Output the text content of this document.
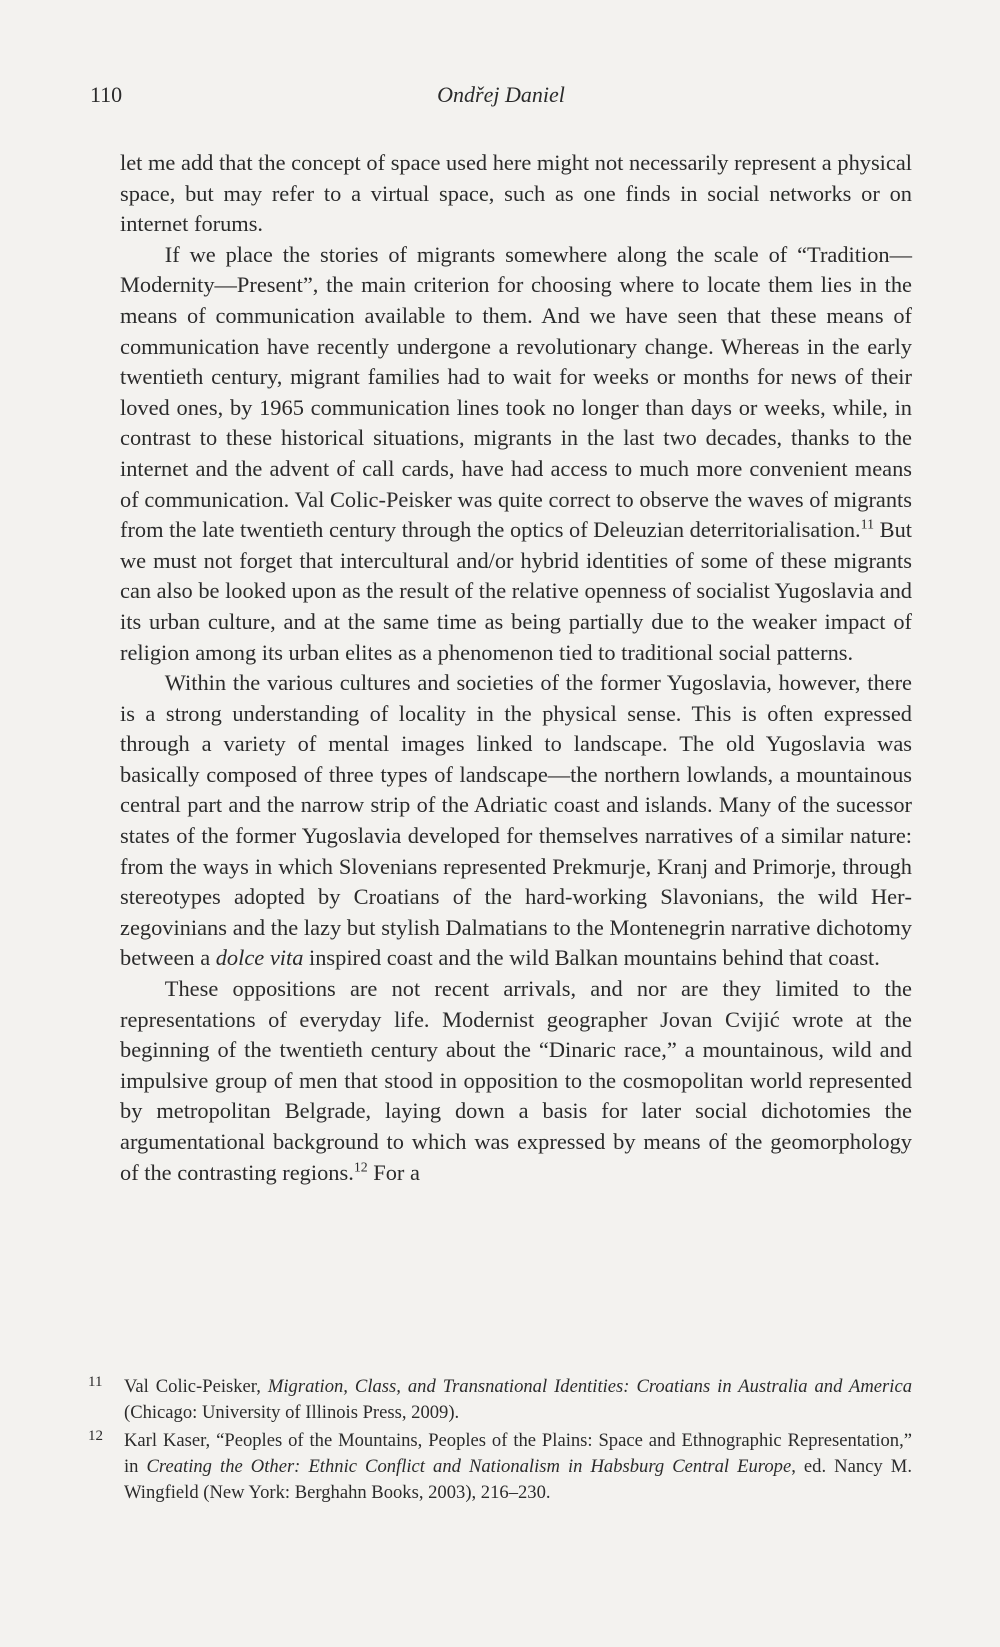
110	Ondřej Daniel

let me add that the concept of space used here might not necessarily represent a physical space, but may refer to a virtual space, such as one finds in social networks or on internet forums.

If we place the stories of migrants somewhere along the scale of “Tradition—Modernity—Present”, the main criterion for choosing where to locate them lies in the means of communication available to them. And we have seen that these means of communication have recently undergone a revolutionary change. Whereas in the early twentieth century, migrant families had to wait for weeks or months for news of their loved ones, by 1965 communication lines took no longer than days or weeks, while, in contrast to these historical situations, migrants in the last two decades, thanks to the internet and the advent of call cards, have had access to much more convenient means of communication. Val Colic-Peisker was quite correct to observe the waves of migrants from the late twentieth century through the optics of Deleuzian deterritorialisation.$^{11}$ But we must not forget that intercultural and/or hybrid identities of some of these migrants can also be looked upon as the result of the relative openness of socialist Yugoslavia and its urban culture, and at the same time as being partially due to the weaker impact of religion among its urban elites as a phenomenon tied to traditional social patterns.

Within the various cultures and societies of the former Yugoslavia, however, there is a strong understanding of locality in the physical sense. This is often expressed through a variety of mental images linked to landscape. The old Yugoslavia was basically composed of three types of landscape—the northern lowlands, a mountainous central part and the narrow strip of the Adriatic coast and islands. Many of the sucessor states of the former Yugoslavia developed for themselves narratives of a similar nature: from the ways in which Slovenians represented Prekmurje, Kranj and Primorje, through stereotypes adopted by Croatians of the hard-working Slavonians, the wild Herzegovinians and the lazy but stylish Dalmatians to the Montenegrin narrative dichotomy between a dolce vita inspired coast and the wild Balkan mountains behind that coast.

These oppositions are not recent arrivals, and nor are they limited to the representations of everyday life. Modernist geographer Jovan Cvijić wrote at the beginning of the twentieth century about the “Dinaric race,” a mountainous, wild and impulsive group of men that stood in opposition to the cosmopolitan world represented by metropolitan Belgrade, laying down a basis for later social dichotomies the argumentational background to which was expressed by means of the geomorphology of the contrasting regions.$^{12}$ For a

11 Val Colic-Peisker, Migration, Class, and Transnational Identities: Croatians in Australia and America (Chicago: University of Illinois Press, 2009).
12 Karl Kaser, “Peoples of the Mountains, Peoples of the Plains: Space and Ethnographic Representation,” in Creating the Other: Ethnic Conflict and Nationalism in Habsburg Central Europe, ed. Nancy M. Wingfield (New York: Berghahn Books, 2003), 216–230.
